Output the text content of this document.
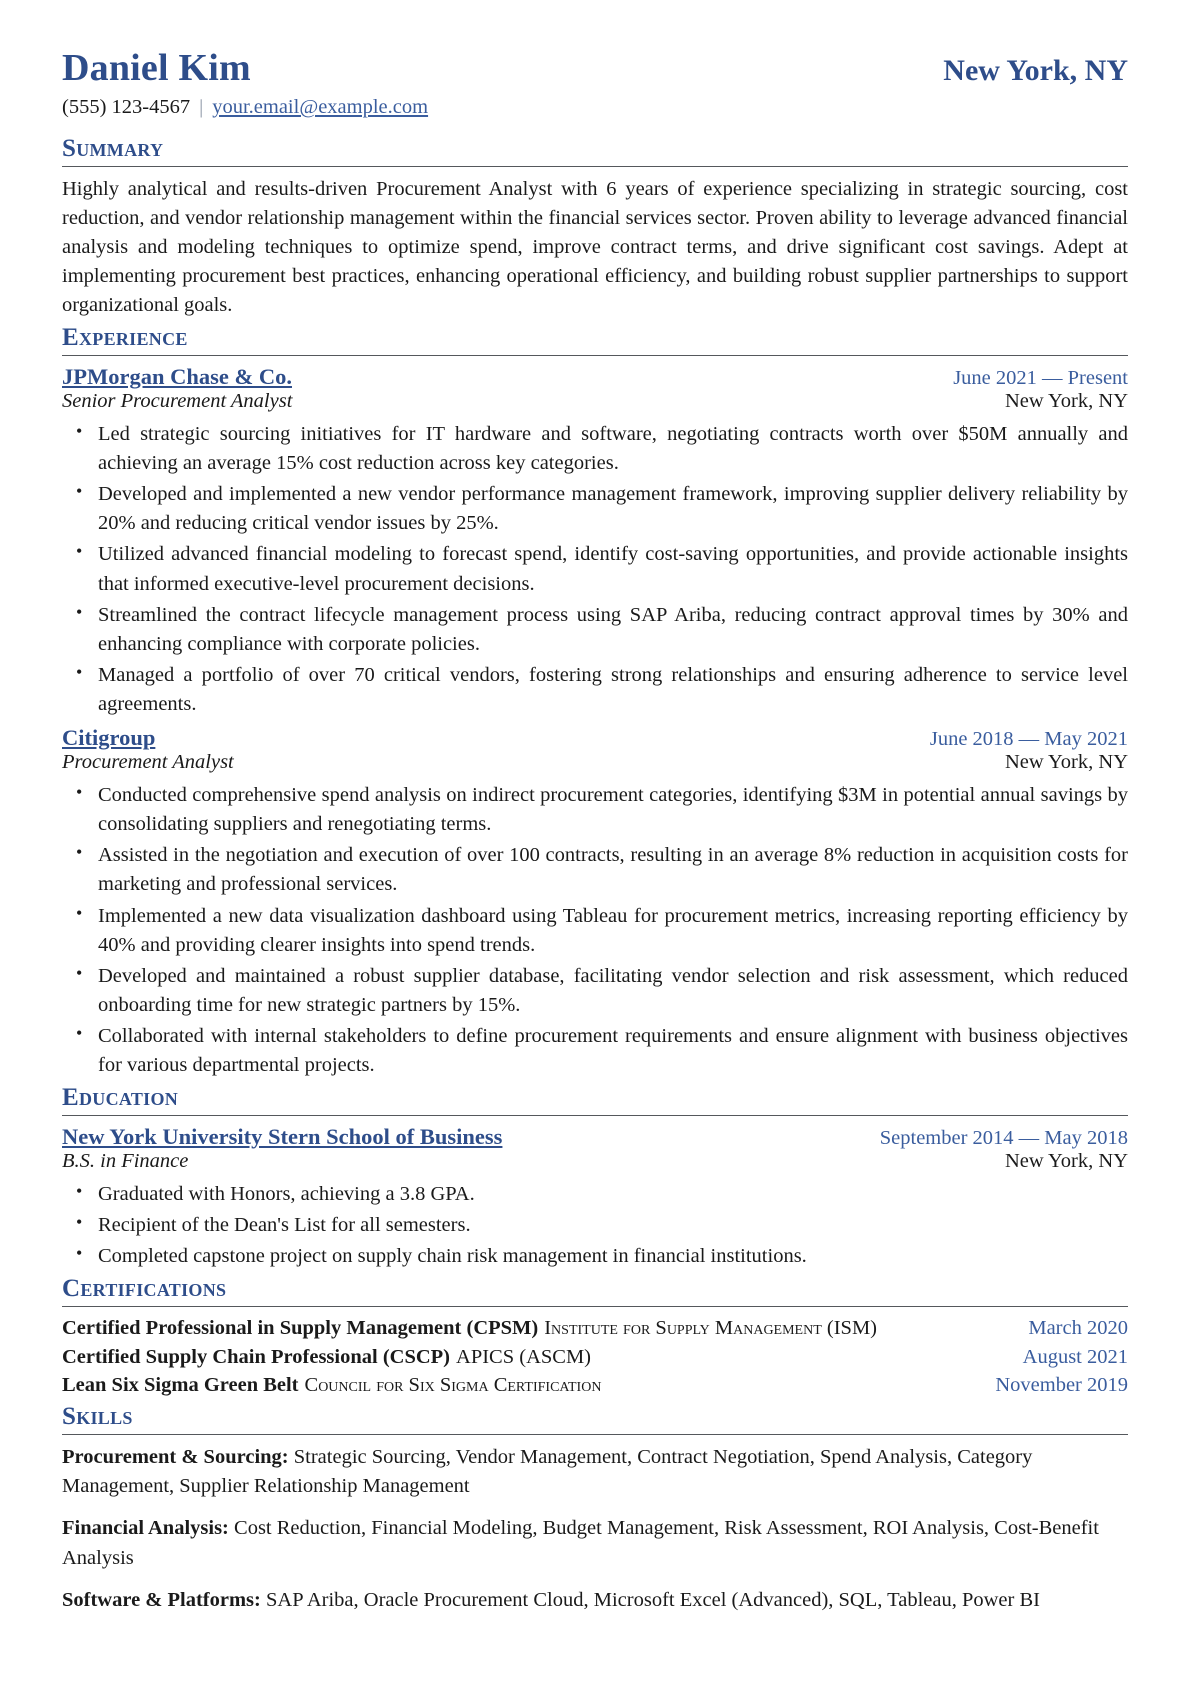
Daniel Kim	New York, NY
(555) 123-4567 | your.email@example.com
Summary

Highly analytical and results-driven Procurement Analyst with 6 years of experience specializing in strategic sourcing, cost reduction, and vendor relationship management within the financial services sector. Proven ability to leverage advanced financial analysis and modeling techniques to optimize spend, improve contract terms, and drive significant cost savings. Adept at implementing procurement best practices, enhancing operational efficiency, and building robust supplier partnerships to support organizational goals.

Experience
JPMorgan Chase & Co.	June 2021 — Present
Senior Procurement Analyst	New York, NY
• Led strategic sourcing initiatives for IT hardware and software, negotiating contracts worth over $50M annually and achieving an average 15% cost reduction across key categories.
• Developed and implemented a new vendor performance management framework, improving supplier delivery reliability by 20% and reducing critical vendor issues by 25%.
• Utilized advanced financial modeling to forecast spend, identify cost-saving opportunities, and provide actionable insights that informed executive-level procurement decisions.
• Streamlined the contract lifecycle management process using SAP Ariba, reducing contract approval times by 30% and enhancing compliance with corporate policies.
• Managed a portfolio of over 70 critical vendors, fostering strong relationships and ensuring adherence to service level agreements.
Citigroup	June 2018 — May 2021
Procurement Analyst	New York, NY
• Conducted comprehensive spend analysis on indirect procurement categories, identifying $3M in potential annual savings by consolidating suppliers and renegotiating terms.
• Assisted in the negotiation and execution of over 100 contracts, resulting in an average 8% reduction in acquisition costs for marketing and professional services.
• Implemented a new data visualization dashboard using Tableau for procurement metrics, increasing reporting efficiency by 40% and providing clearer insights into spend trends.
• Developed and maintained a robust supplier database, facilitating vendor selection and risk assessment, which reduced onboarding time for new strategic partners by 15%.
• Collaborated with internal stakeholders to define procurement requirements and ensure alignment with business objectives for various departmental projects.
Education
New York University Stern School of Business	September 2014 — May 2018
B.S. in Finance	New York, NY
• Graduated with Honors, achieving a 3.8 GPA.
• Recipient of the Dean's List for all semesters.
• Completed capstone project on supply chain risk management in financial institutions.
Certifications
Certified Professional in Supply Management (CPSM) Institute for Supply Management (ISM)	March 2020
Certified Supply Chain Professional (CSCP) APICS (ASCM)	August 2021
Lean Six Sigma Green Belt Council for Six Sigma Certification	November 2019
Skills

Procurement & Sourcing: Strategic Sourcing, Vendor Management, Contract Negotiation, Spend Analysis, Category Management, Supplier Relationship Management

Financial Analysis: Cost Reduction, Financial Modeling, Budget Management, Risk Assessment, ROI Analysis, Cost-Benefit Analysis

Software & Platforms: SAP Ariba, Oracle Procurement Cloud, Microsoft Excel (Advanced), SQL, Tableau, Power BI
